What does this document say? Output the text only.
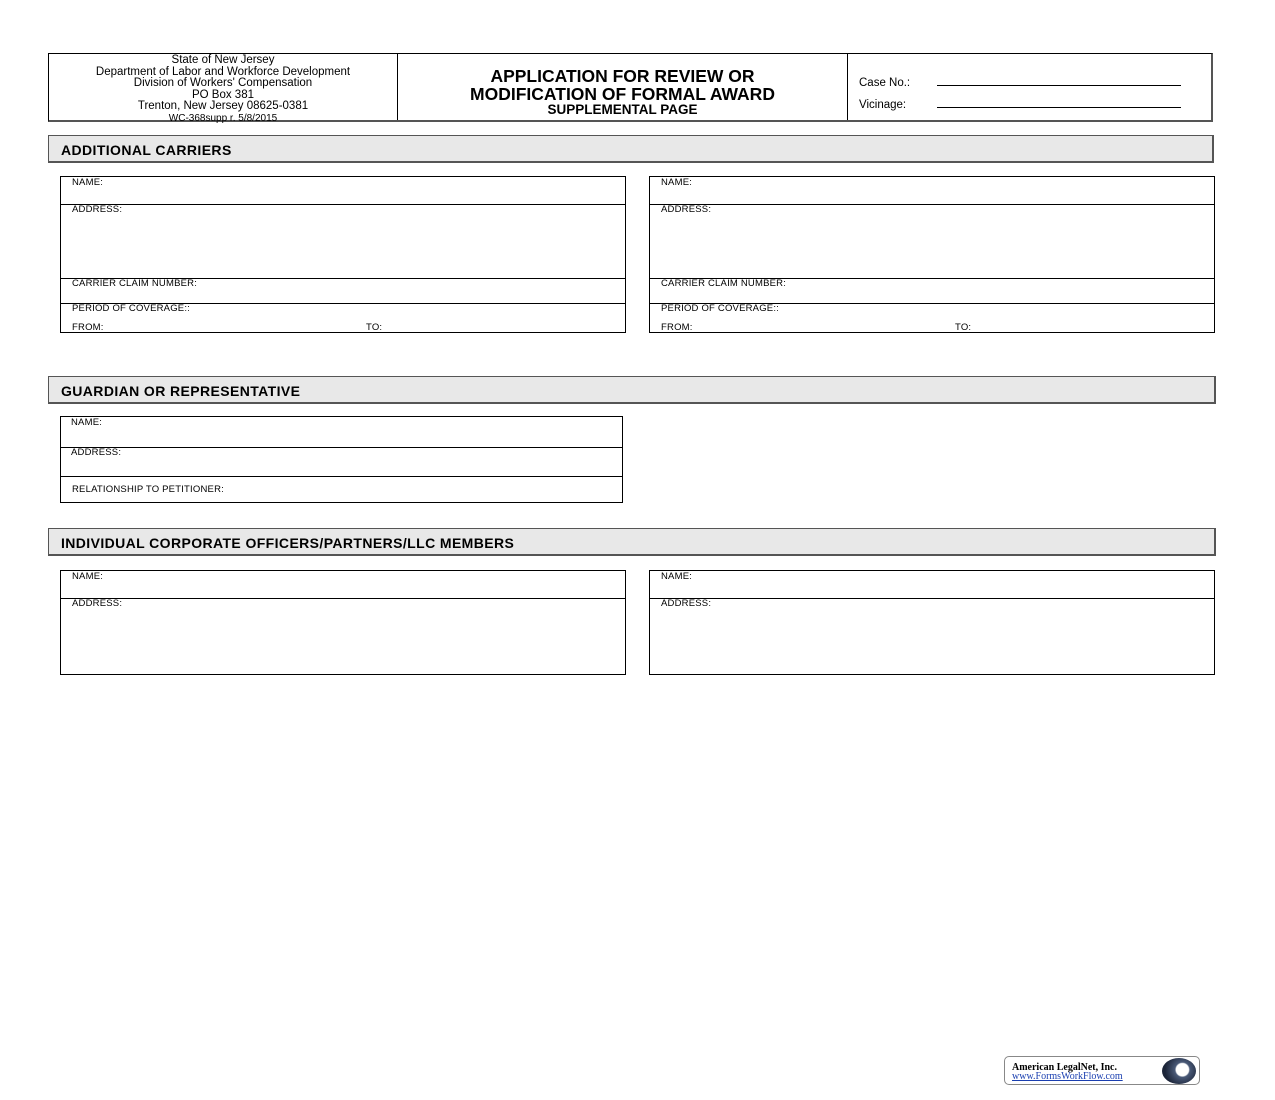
State of New Jersey
Department of Labor and Workforce Development
Division of Workers' Compensation
PO Box 381
Trenton, New Jersey 08625-0381
WC-368supp r. 5/8/2015
APPLICATION FOR REVIEW OR
MODIFICATION OF FORMAL AWARD
SUPPLEMENTAL PAGE
Case No.:
Vicinage:
ADDITIONAL CARRIERS
NAME:
ADDRESS:
CARRIER CLAIM NUMBER:
PERIOD OF COVERAGE::
FROM:	TO:
NAME:
ADDRESS:
CARRIER CLAIM NUMBER:
PERIOD OF COVERAGE::
FROM:	TO:
GUARDIAN OR REPRESENTATIVE
NAME:
ADDRESS:
RELATIONSHIP TO PETITIONER:
INDIVIDUAL CORPORATE OFFICERS/PARTNERS/LLC MEMBERS
NAME:
ADDRESS:
NAME:
ADDRESS:
American LegalNet, Inc.
www.FormsWorkFlow.com
